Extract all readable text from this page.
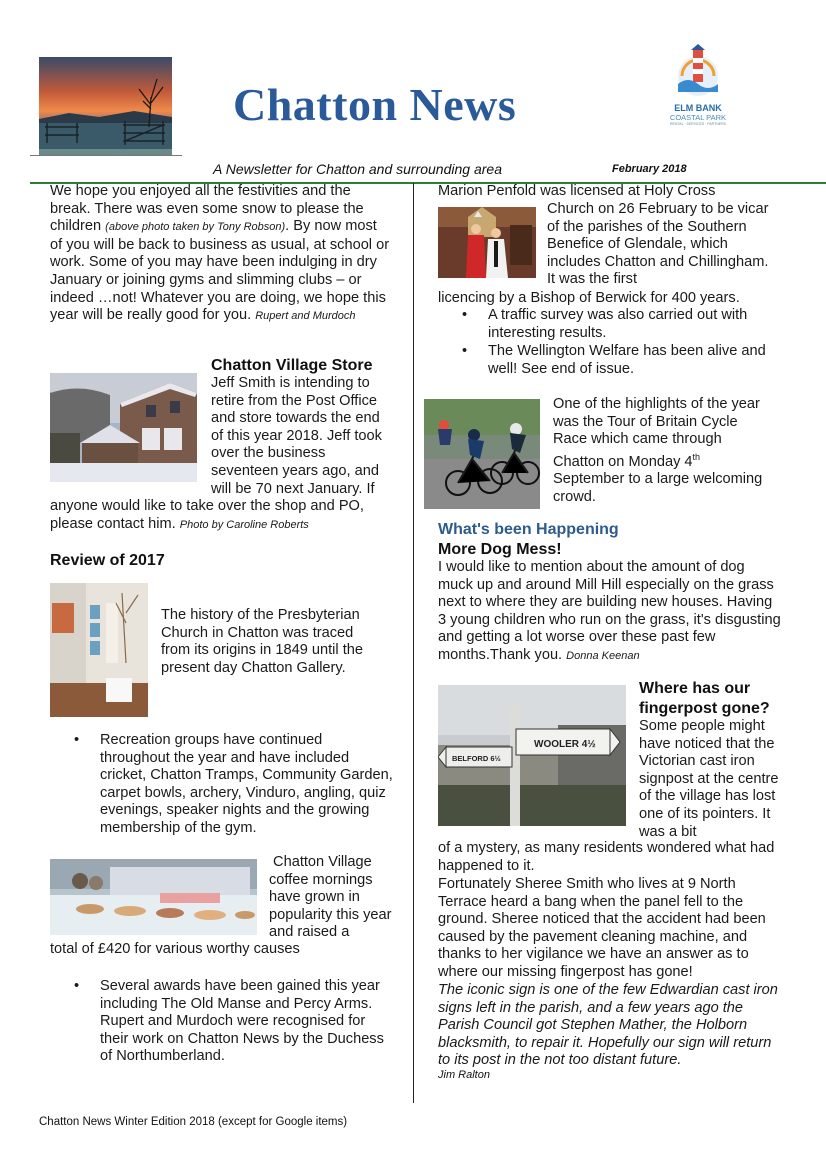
Chatton News	ELM BANK
COASTAL PARK
RENTAL · SERVICES · PARTNERS
A Newsletter for Chatton and surrounding area	February 2018
We hope you enjoyed all the festivities and the break. There was even some snow to please the children (above photo taken by Tony Robson). By now most of you will be back to business as usual, at school or work. Some of you may have been indulging in dry January or joining gyms and slimming clubs – or indeed …not! Whatever you are doing, we hope this year will be really good for you. Rupert and Murdoch
Chatton Village Store
Jeff Smith is intending to retire from the Post Office and store towards the end of this year 2018. Jeff took over the business seventeen years ago, and will be 70 next January. If
anyone would like to take over the shop and PO, please contact him. Photo by Caroline Roberts
Review of 2017
The history of the Presbyterian Church in Chatton was traced from its origins in 1849 until the present day Chatton Gallery.
• Recreation groups have continued throughout the year and have included cricket, Chatton Tramps, Community Garden, carpet bowls, archery, Vinduro, angling, quiz evenings, speaker nights and the growing membership of the gym.
Chatton Village coffee mornings have grown in popularity this year and raised a
total of £420 for various worthy causes
• Several awards have been gained this year including The Old Manse and Percy Arms. Rupert and Murdoch were recognised for their work on Chatton News by the Duchess of Northumberland.
Marion Penfold was licensed at Holy Cross
Church on 26 February to be vicar of the parishes of the Southern Benefice of Glendale, which includes Chatton and Chillingham. It was the first
licencing by a Bishop of Berwick for 400 years.
• A traffic survey was also carried out with interesting results.
• The Wellington Welfare has been alive and well! See end of issue.
One of the highlights of the year was the Tour of Britain Cycle Race which came through Chatton on Monday 4th September to a large welcoming crowd.
What's been Happening
More Dog Mess!
I would like to mention about the amount of dog muck up and around Mill Hill especially on the grass next to where they are building new houses. Having 3 young children who run on the grass, it's disgusting and getting a lot worse over these past few months.Thank you. Donna Keenan
WOOLER 4½
BELFORD 6½
Where has our fingerpost gone?
Some people might have noticed that the Victorian cast iron signpost at the centre of the village has lost one of its pointers. It was a bit
of a mystery, as many residents wondered what had happened to it.
Fortunately Sheree Smith who lives at 9 North Terrace heard a bang when the panel fell to the ground. Sheree noticed that the accident had been caused by the pavement cleaning machine, and thanks to her vigilance we have an answer as to where our missing fingerpost has gone!
The iconic sign is one of the few Edwardian cast iron signs left in the parish, and a few years ago the Parish Council got Stephen Mather, the Holborn blacksmith, to repair it. Hopefully our sign will return to its post in the not too distant future.
Jim Ralton
Chatton News Winter Edition 2018 (except for Google items)
